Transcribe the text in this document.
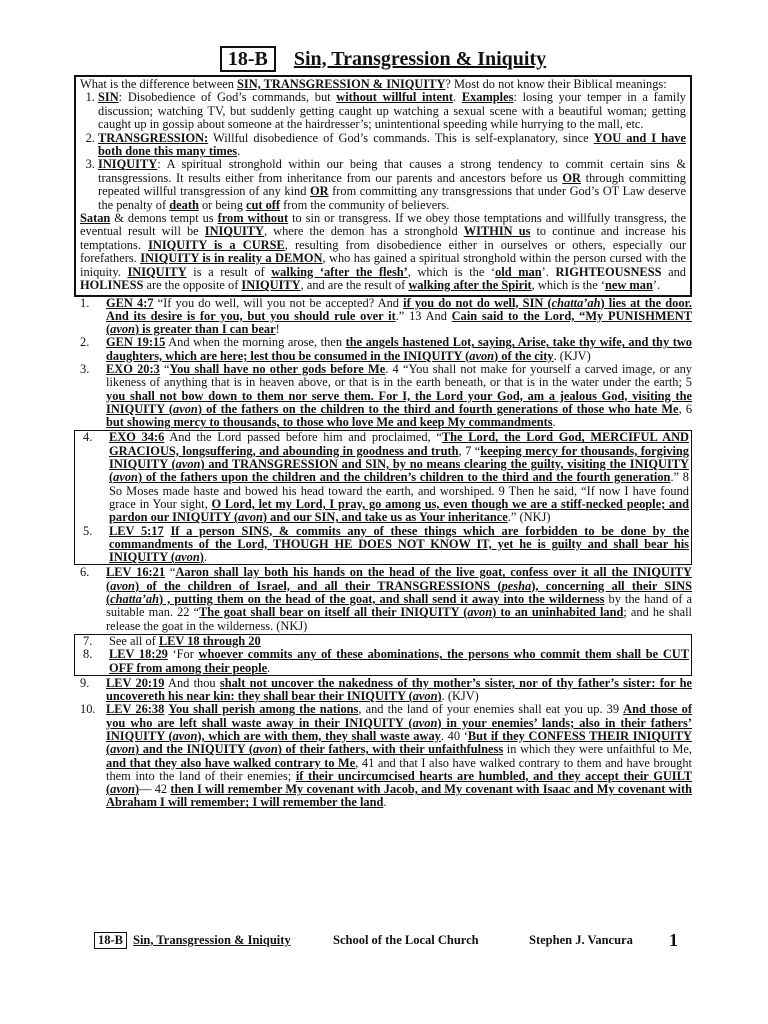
18-B	Sin, Transgression & Iniquity

What is the difference between SIN, TRANSGRESSION & INIQUITY? Most do not know their Biblical meanings:

1. SIN: Disobedience of God’s commands, but without willful intent. Examples: losing your temper in a family discussion; watching TV, but suddenly getting caught up watching a sexual scene with a beautiful woman; getting caught up in gossip about someone at the hairdresser’s; unintentional speeding while hurrying to the mall, etc.
2. TRANSGRESSION: Willful disobedience of God’s commands. This is self-explanatory, since YOU and I have both done this many times.
3. INIQUITY: A spiritual stronghold within our being that causes a strong tendency to commit certain sins & transgressions. It results either from inheritance from our parents and ancestors before us OR through committing repeated willful transgression of any kind OR from committing any transgressions that under God’s OT Law deserve the penalty of death or being cut off from the community of believers.

Satan & demons tempt us from without to sin or transgress. If we obey those temptations and willfully transgress, the eventual result will be INIQUITY, where the demon has a stronghold WITHIN us to continue and increase his temptations. INIQUITY is a CURSE, resulting from disobedience either in ourselves or others, especially our forefathers. INIQUITY is in reality a DEMON, who has gained a spiritual stronghold within the person cursed with the iniquity. INIQUITY is a result of walking ‘after the flesh’, which is the ‘old man’. RIGHTEOUSNESS and HOLINESS are the opposite of INIQUITY, and are the result of walking after the Spirit, which is the ‘new man’.

1.	GEN 4:7 “If you do well, will you not be accepted? And if you do not do well, SIN (chatta’ah) lies at the door. And its desire is for you, but you should rule over it.” 13 And Cain said to the Lord, “My PUNISHMENT (avon) is greater than I can bear!
2.	GEN 19:15 And when the morning arose, then the angels hastened Lot, saying, Arise, take thy wife, and thy two daughters, which are here; lest thou be consumed in the INIQUITY (avon) of the city. (KJV)
3.	EXO 20:3 “You shall have no other gods before Me. 4 “You shall not make for yourself a carved image, or any likeness of anything that is in heaven above, or that is in the earth beneath, or that is in the water under the earth; 5 you shall not bow down to them nor serve them. For I, the Lord your God, am a jealous God, visiting the INIQUITY (avon) of the fathers on the children to the third and fourth generations of those who hate Me, 6 but showing mercy to thousands, to those who love Me and keep My commandments.
4.	EXO 34:6 And the Lord passed before him and proclaimed, “The Lord, the Lord God, MERCIFUL AND GRACIOUS, longsuffering, and abounding in goodness and truth, 7 “keeping mercy for thousands, forgiving INIQUITY (avon) and TRANSGRESSION and SIN, by no means clearing the guilty, visiting the INIQUITY (avon) of the fathers upon the children and the children’s children to the third and the fourth generation.” 8 So Moses made haste and bowed his head toward the earth, and worshiped. 9 Then he said, “If now I have found grace in Your sight, O Lord, let my Lord, I pray, go among us, even though we are a stiff-necked people; and pardon our INIQUITY (avon) and our SIN, and take us as Your inheritance.” (NKJ)
5.	LEV 5:17 If a person SINS, & commits any of these things which are forbidden to be done by the commandments of the Lord, THOUGH HE DOES NOT KNOW IT, yet he is guilty and shall bear his INIQUITY (avon).
6.	LEV 16:21 “Aaron shall lay both his hands on the head of the live goat, confess over it all the INIQUITY (avon) of the children of Israel, and all their TRANSGRESSIONS (pesha), concerning all their SINS (chatta’ah) , putting them on the head of the goat, and shall send it away into the wilderness by the hand of a suitable man. 22 “The goat shall bear on itself all their INIQUITY (avon) to an uninhabited land; and he shall release the goat in the wilderness. (NKJ)
7.	See all of LEV 18 through 20
8.	LEV 18:29 ‘For whoever commits any of these abominations, the persons who commit them shall be CUT OFF from among their people.
9.	LEV 20:19 And thou shalt not uncover the nakedness of thy mother’s sister, nor of thy father’s sister: for he uncovereth his near kin: they shall bear their INIQUITY (avon). (KJV)
10. LEV 26:38 You shall perish among the nations, and the land of your enemies shall eat you up. 39 And those of you who are left shall waste away in their INIQUITY (avon) in your enemies’ lands; also in their fathers’ INIQUITY (avon), which are with them, they shall waste away. 40 ‘But if they CONFESS THEIR INIQUITY (avon) and the INIQUITY (avon) of their fathers, with their unfaithfulness in which they were unfaithful to Me, and that they also have walked contrary to Me, 41 and that I also have walked contrary to them and have brought them into the land of their enemies; if their uncircumcised hearts are humbled, and they accept their GUILT (avon)— 42 then I will remember My covenant with Jacob, and My covenant with Isaac and My covenant with Abraham I will remember; I will remember the land.
18-B Sin, Transgression & Iniquity	School of the Local Church	Stephen J. Vancura	1
